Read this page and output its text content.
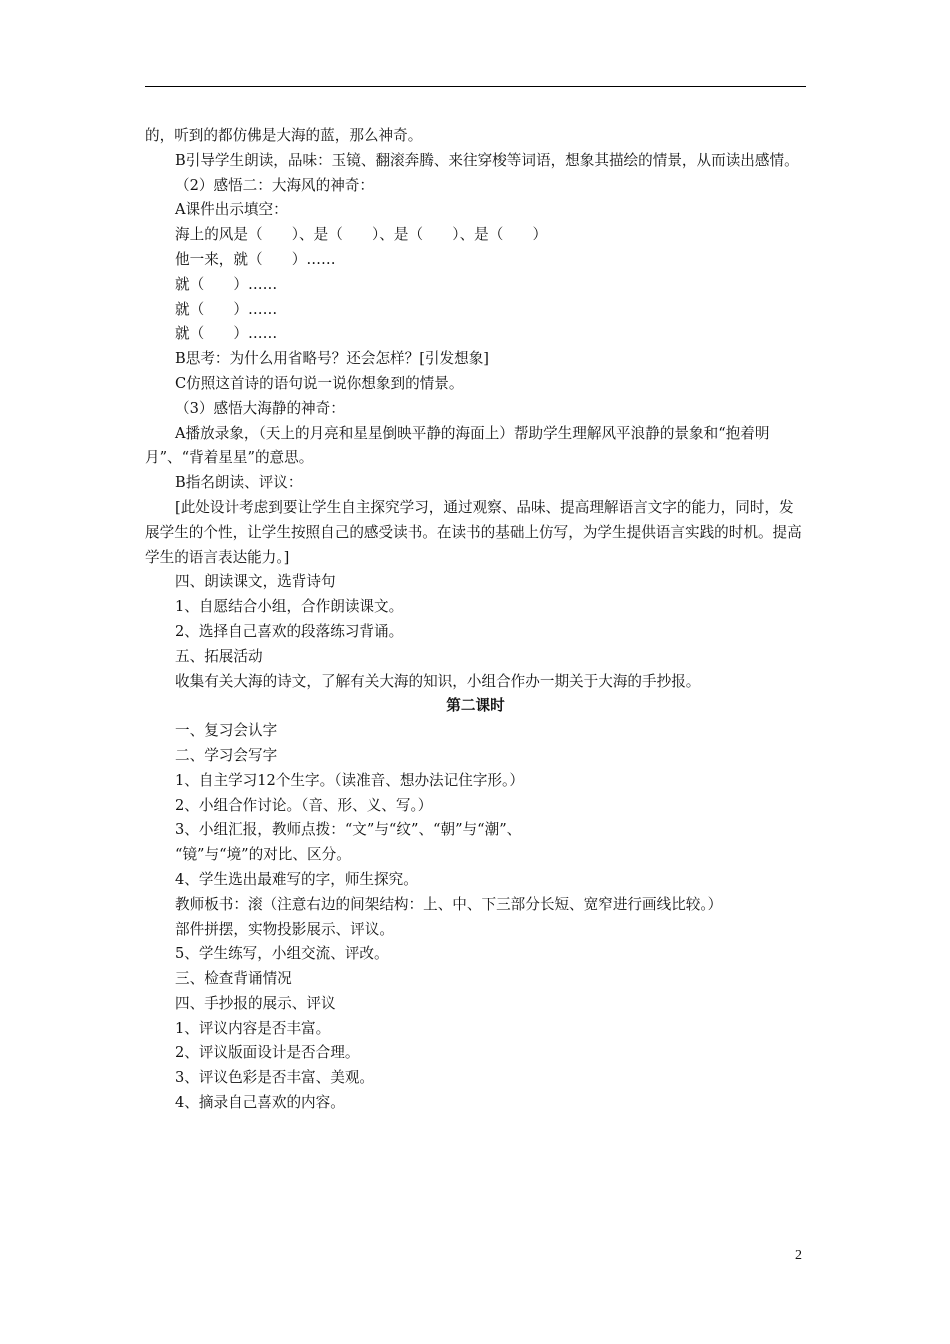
的，听到的都仿佛是大海的蓝，那么神奇。

B引导学生朗读，品味：玉镜、翻滚奔腾、来往穿梭等词语，想象其描绘的情景，从而读出感情。

（2）感悟二：大海风的神奇：

A课件出示填空：

海上的风是（　　）、是（　　）、是（　　）、是（　　）

他一来，就（　　）……

就（　　）……

就（　　）……

就（　　）……

B思考：为什么用省略号？还会怎样？[引发想象]

C仿照这首诗的语句说一说你想象到的情景。

（3）感悟大海静的神奇：

A播放录象，（天上的月亮和星星倒映平静的海面上）帮助学生理解风平浪静的景象和“抱着明月”、“背着星星”的意思。

B指名朗读、评议：

[此处设计考虑到要让学生自主探究学习，通过观察、品味、提高理解语言文字的能力，同时，发展学生的个性，让学生按照自己的感受读书。在读书的基础上仿写，为学生提供语言实践的时机。提高学生的语言表达能力。]

四、朗读课文，选背诗句

1、自愿结合小组，合作朗读课文。

2、选择自己喜欢的段落练习背诵。

五、拓展活动

收集有关大海的诗文，了解有关大海的知识，小组合作办一期关于大海的手抄报。

第二课时

一、复习会认字

二、学习会写字

1、自主学习12个生字。（读准音、想办法记住字形。）

2、小组合作讨论。（音、形、义、写。）

3、小组汇报，教师点拨：“文”与“纹”、“朝”与“潮”、

“镜”与“境”的对比、区分。

4、学生选出最难写的字，师生探究。

教师板书：滚（注意右边的间架结构：上、中、下三部分长短、宽窄进行画线比较。）

部件拼摆，实物投影展示、评议。

5、学生练写，小组交流、评改。

三、检查背诵情况

四、手抄报的展示、评议

1、评议内容是否丰富。

2、评议版面设计是否合理。

3、评议色彩是否丰富、美观。

4、摘录自己喜欢的内容。

2
